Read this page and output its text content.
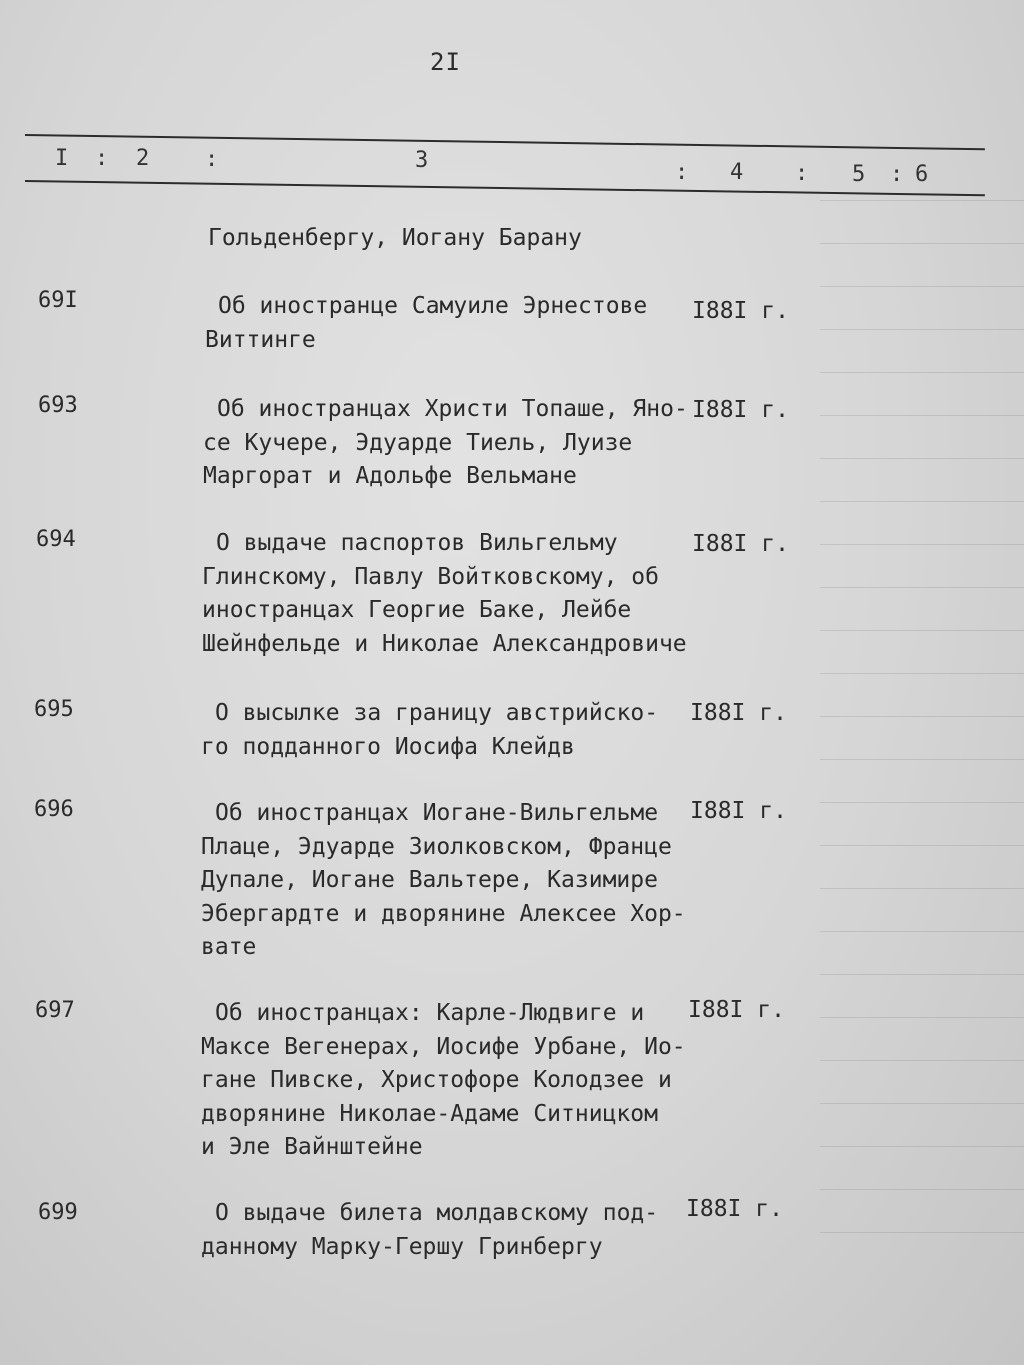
2I
I : 2	:	3	: 4 : 5 : 6
Гольденбергу, Иогану Барану
69I	Об иностранце Самуиле Эрнестове
Виттинге
I88I г.
693	Об иностранцах Христи Топаше, Яно-
се Кучере, Эдуарде Тиель, Луизе
Маргорат и Адольфе Вельмане
I88I г.
694	О выдаче паспортов Вильгельму
Глинскому, Павлу Войтковскому, об
иностранцах Георгие Баке, Лейбе
Шейнфельде и Николае Александровиче
I88I г.
695	О высылке за границу австрийско-
го подданного Иосифа Клейдв
I88I г.
696	Об иностранцах Иогане-Вильгельме
Плаце, Эдуарде Зиолковском, Франце
Дупале, Иогане Вальтере, Казимире
Эбергардте и дворянине Алексее Хор-
вате
I88I г.
697	Об иностранцах: Карле-Людвиге и
Максе Вегенерах, Иосифе Урбане, Ио-
гане Пивске, Христофоре Колодзее и
дворянине Николае-Адаме Ситницком
и Эле Вайнштейне
I88I г.
699	О выдаче билета молдавскому под-
данному Марку-Гершу Гринбергу
I88I г.
